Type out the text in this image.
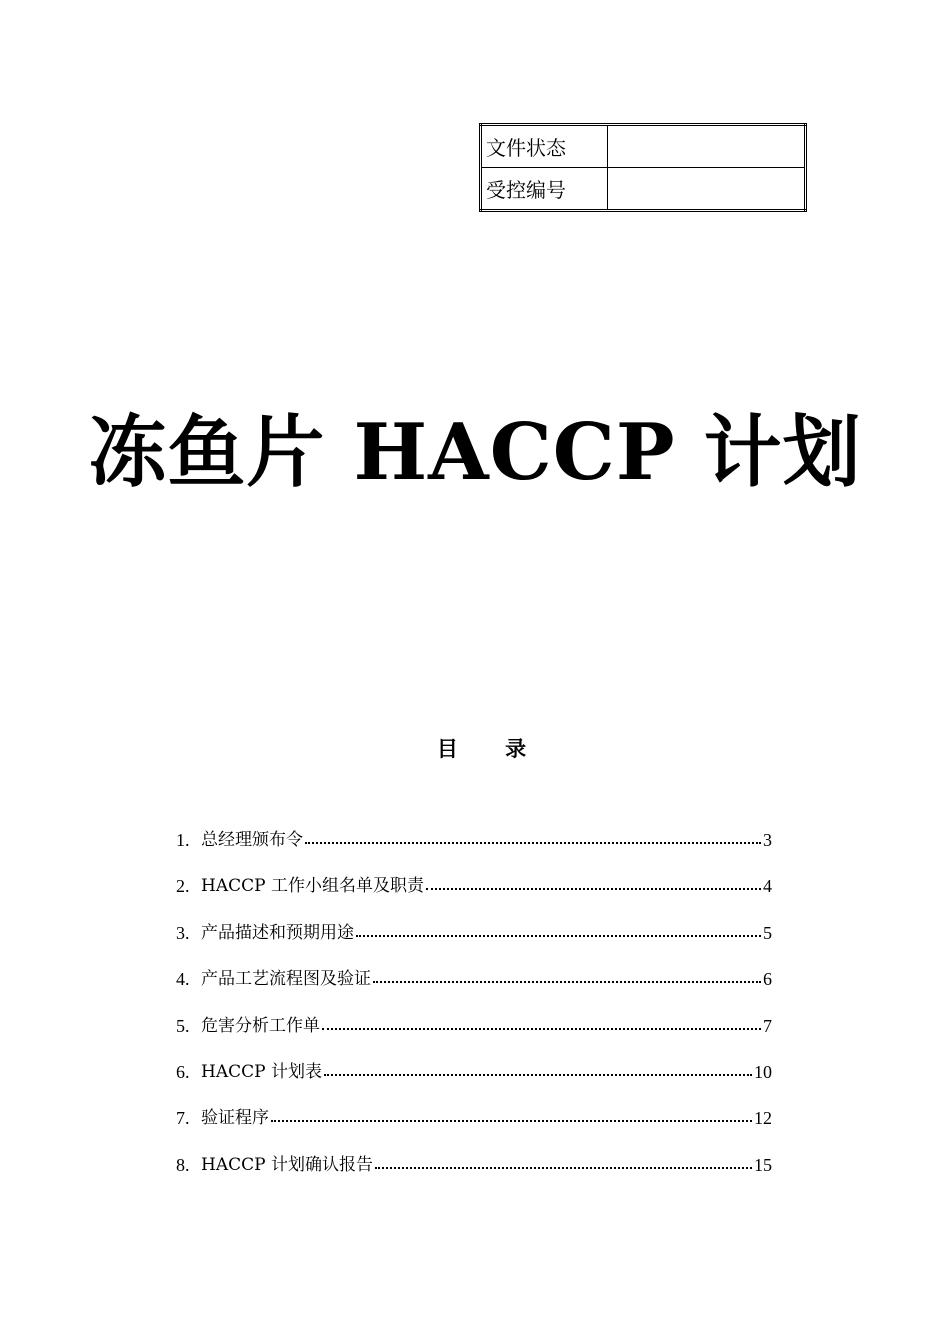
文件状态	
受控编号	
冻鱼片 HACCP 计划
目 录
1. 总经理颁布令	3
2. HACCP 工作小组名单及职责	4
3. 产品描述和预期用途	5
4. 产品工艺流程图及验证	6
5. 危害分析工作单	7
6. HACCP 计划表	10
7. 验证程序	12
8. HACCP 计划确认报告	15
